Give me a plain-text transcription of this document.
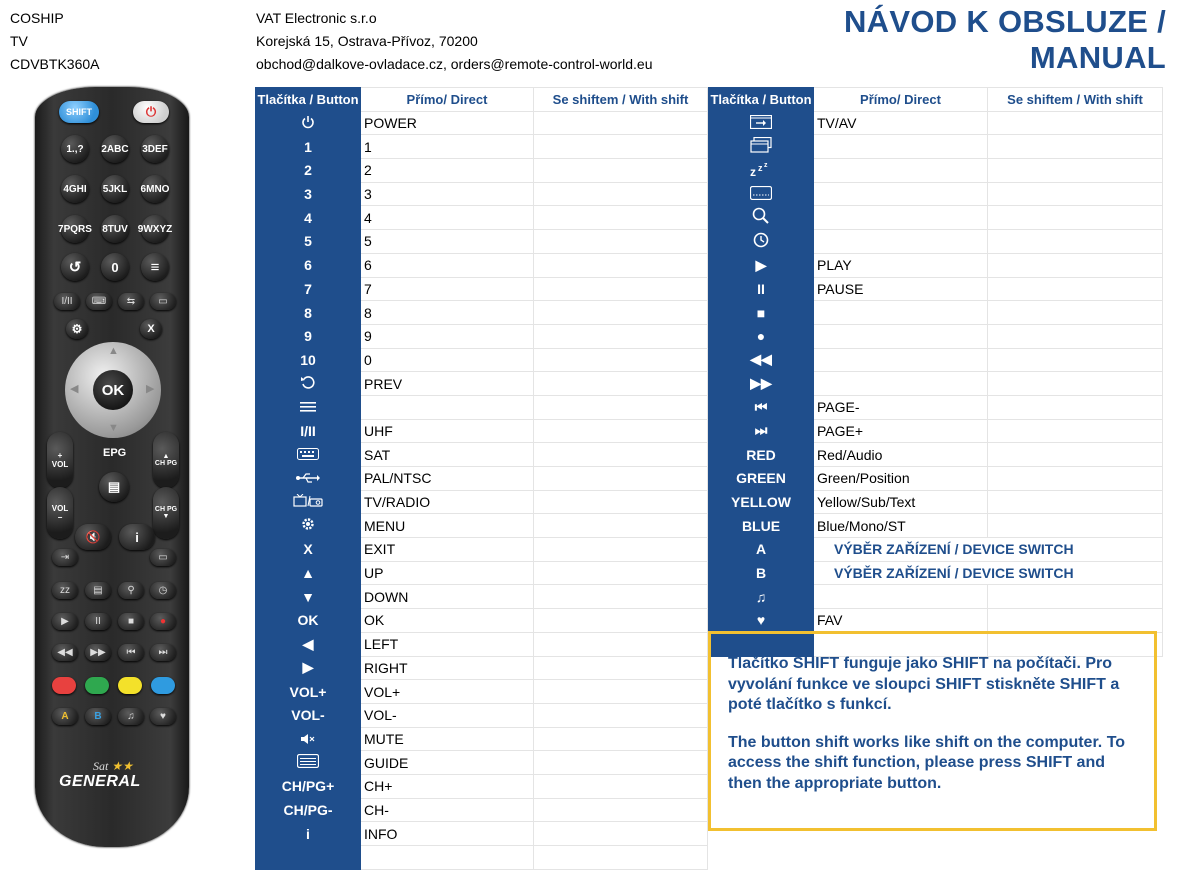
COSHIP
TV
CDVBTK360A
VAT Electronic s.r.o
Korejská 15, Ostrava-Přívoz, 70200
obchod@dalkove-ovladace.cz, orders@remote-control-world.eu
NÁVOD K OBSLUZE / MANUAL
SHIFT	⏻
1.,?	2ABC 3DEF
4GHI 5JKL 6MNO
7PQRS 8TUV 9WXYZ
↺	0	≡
I/II	⌨	⇆	▭
⚙	X
▲
▼
◀	▶
OK
+
VOL
▲
CH PG
EPG
▤
VOL
−
CH PG
▼
🔇	i
⇥	▭
zz	▤	⚲	◷
▶	II	■	●
◀◀	▶▶	⏮	⏭
A	B	♫	♥
Sat ★★
GENERAL
Tlačítka / Button	Přímo/ Direct	Se shiftem / With shift
	POWER	
1	1	
2	2	
3	3	
4	4	
5	5	
6	6	
7	7	
8	8	
9	9	
10	0	
	PREV	

I/II	UHF	
	SAT	
	PAL/NTSC	
	TV/RADIO	
	MENU	
X	EXIT	
▲	UP	
▼	DOWN	
OK	OK	
◀	LEFT	
▶	RIGHT	
VOL+	VOL+	
VOL-	VOL-	
	MUTE	
	GUIDE	
CH/PG+	CH+	
CH/PG-	CH-	
i	INFO	

Tlačítka / Button	Přímo/ Direct	Se shiftem / With shift
	TV/AV	

z z z		

▶	PLAY	
II	PAUSE	
■		
●		
◀◀		
▶▶		
⏮	PAGE-	
⏭	PAGE+	
RED	Red/Audio	
GREEN	Green/Position	
YELLOW	Yellow/Sub/Text	
BLUE	Blue/Mono/ST	
A	VÝBĚR ZAŘÍZENÍ / DEVICE SWITCH	
B	VÝBĚR ZAŘÍZENÍ / DEVICE SWITCH	
♫		
♥	FAV	

Tlačítko SHIFT funguje jako SHIFT na počítači. Pro vyvolání funkce ve sloupci SHIFT stiskněte SHIFT a poté tlačítko s funkcí.

The button shift works like shift on the computer. To access the shift function, please press SHIFT and then the appropriate button.
